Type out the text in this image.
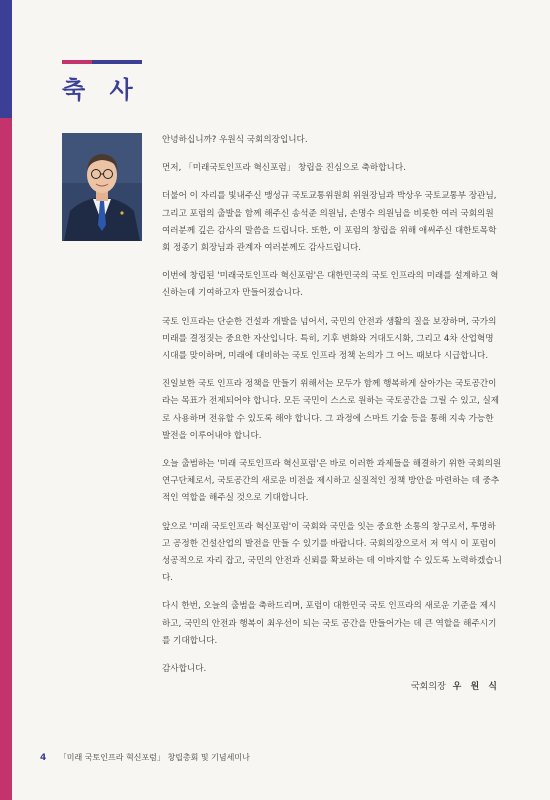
축 사

안녕하십니까? 우원식 국회의장입니다.

먼저, 「미래국토인프라 혁신포럼」 창립을 진심으로 축하합니다.

더불어 이 자리를 빛내주신 맹성규 국토교통위원회 위원장님과 박상우 국토교통부 장관님, 그리고 포럼의 출발을 함께 해주신 송석준 의원님, 손명수 의원님을 비롯한 여러 국회의원 여러분께 깊은 감사의 말씀을 드립니다. 또한, 이 포럼의 창립을 위해 애써주신 대한토목학회 정종기 회장님과 관계자 여러분께도 감사드립니다.

이번에 창립된 '미래국토인프라 혁신포럼'은 대한민국의 국토 인프라의 미래를 설계하고 혁신하는데 기여하고자 만들어졌습니다.

국토 인프라는 단순한 건설과 개발을 넘어서, 국민의 안전과 생활의 질을 보장하며, 국가의 미래를 결정짓는 중요한 자산입니다. 특히, 기후 변화와 거대도시화, 그리고 4차 산업혁명 시대를 맞이하며, 미래에 대비하는 국토 인프라 정책 논의가 그 어느 때보다 시급합니다.

진일보한 국토 인프라 정책을 만들기 위해서는 모두가 함께 행복하게 살아가는 국토공간이라는 목표가 전제되어야 합니다. 모든 국민이 스스로 원하는 국토공간을 그릴 수 있고, 실제로 사용하며 전유할 수 있도록 해야 합니다. 그 과정에 스마트 기술 등을 통해 지속 가능한 발전을 이루어내야 합니다.

오늘 출범하는 '미래 국토인프라 혁신포럼'은 바로 이러한 과제들을 해결하기 위한 국회의원 연구단체로서, 국토공간의 새로운 비전을 제시하고 실질적인 정책 방안을 마련하는 데 중추적인 역할을 해주실 것으로 기대합니다.

앞으로 '미래 국토인프라 혁신포럼'이 국회와 국민을 잇는 중요한 소통의 창구로서, 투명하고 공정한 건설산업의 발전을 만들 수 있기를 바랍니다. 국회의장으로서 저 역시 이 포럼이 성공적으로 자리 잡고, 국민의 안전과 신뢰를 확보하는 데 이바지할 수 있도록 노력하겠습니다.

다시 한번, 오늘의 출범을 축하드리며, 포럼이 대한민국 국토 인프라의 새로운 기준을 제시하고, 국민의 안전과 행복이 최우선이 되는 국토 공간을 만들어가는 데 큰 역할을 해주시기를 기대합니다.

감사합니다.

국회의장 우 원 식
4 「미래 국토인프라 혁신포럼」 창립총회 및 기념세미나
